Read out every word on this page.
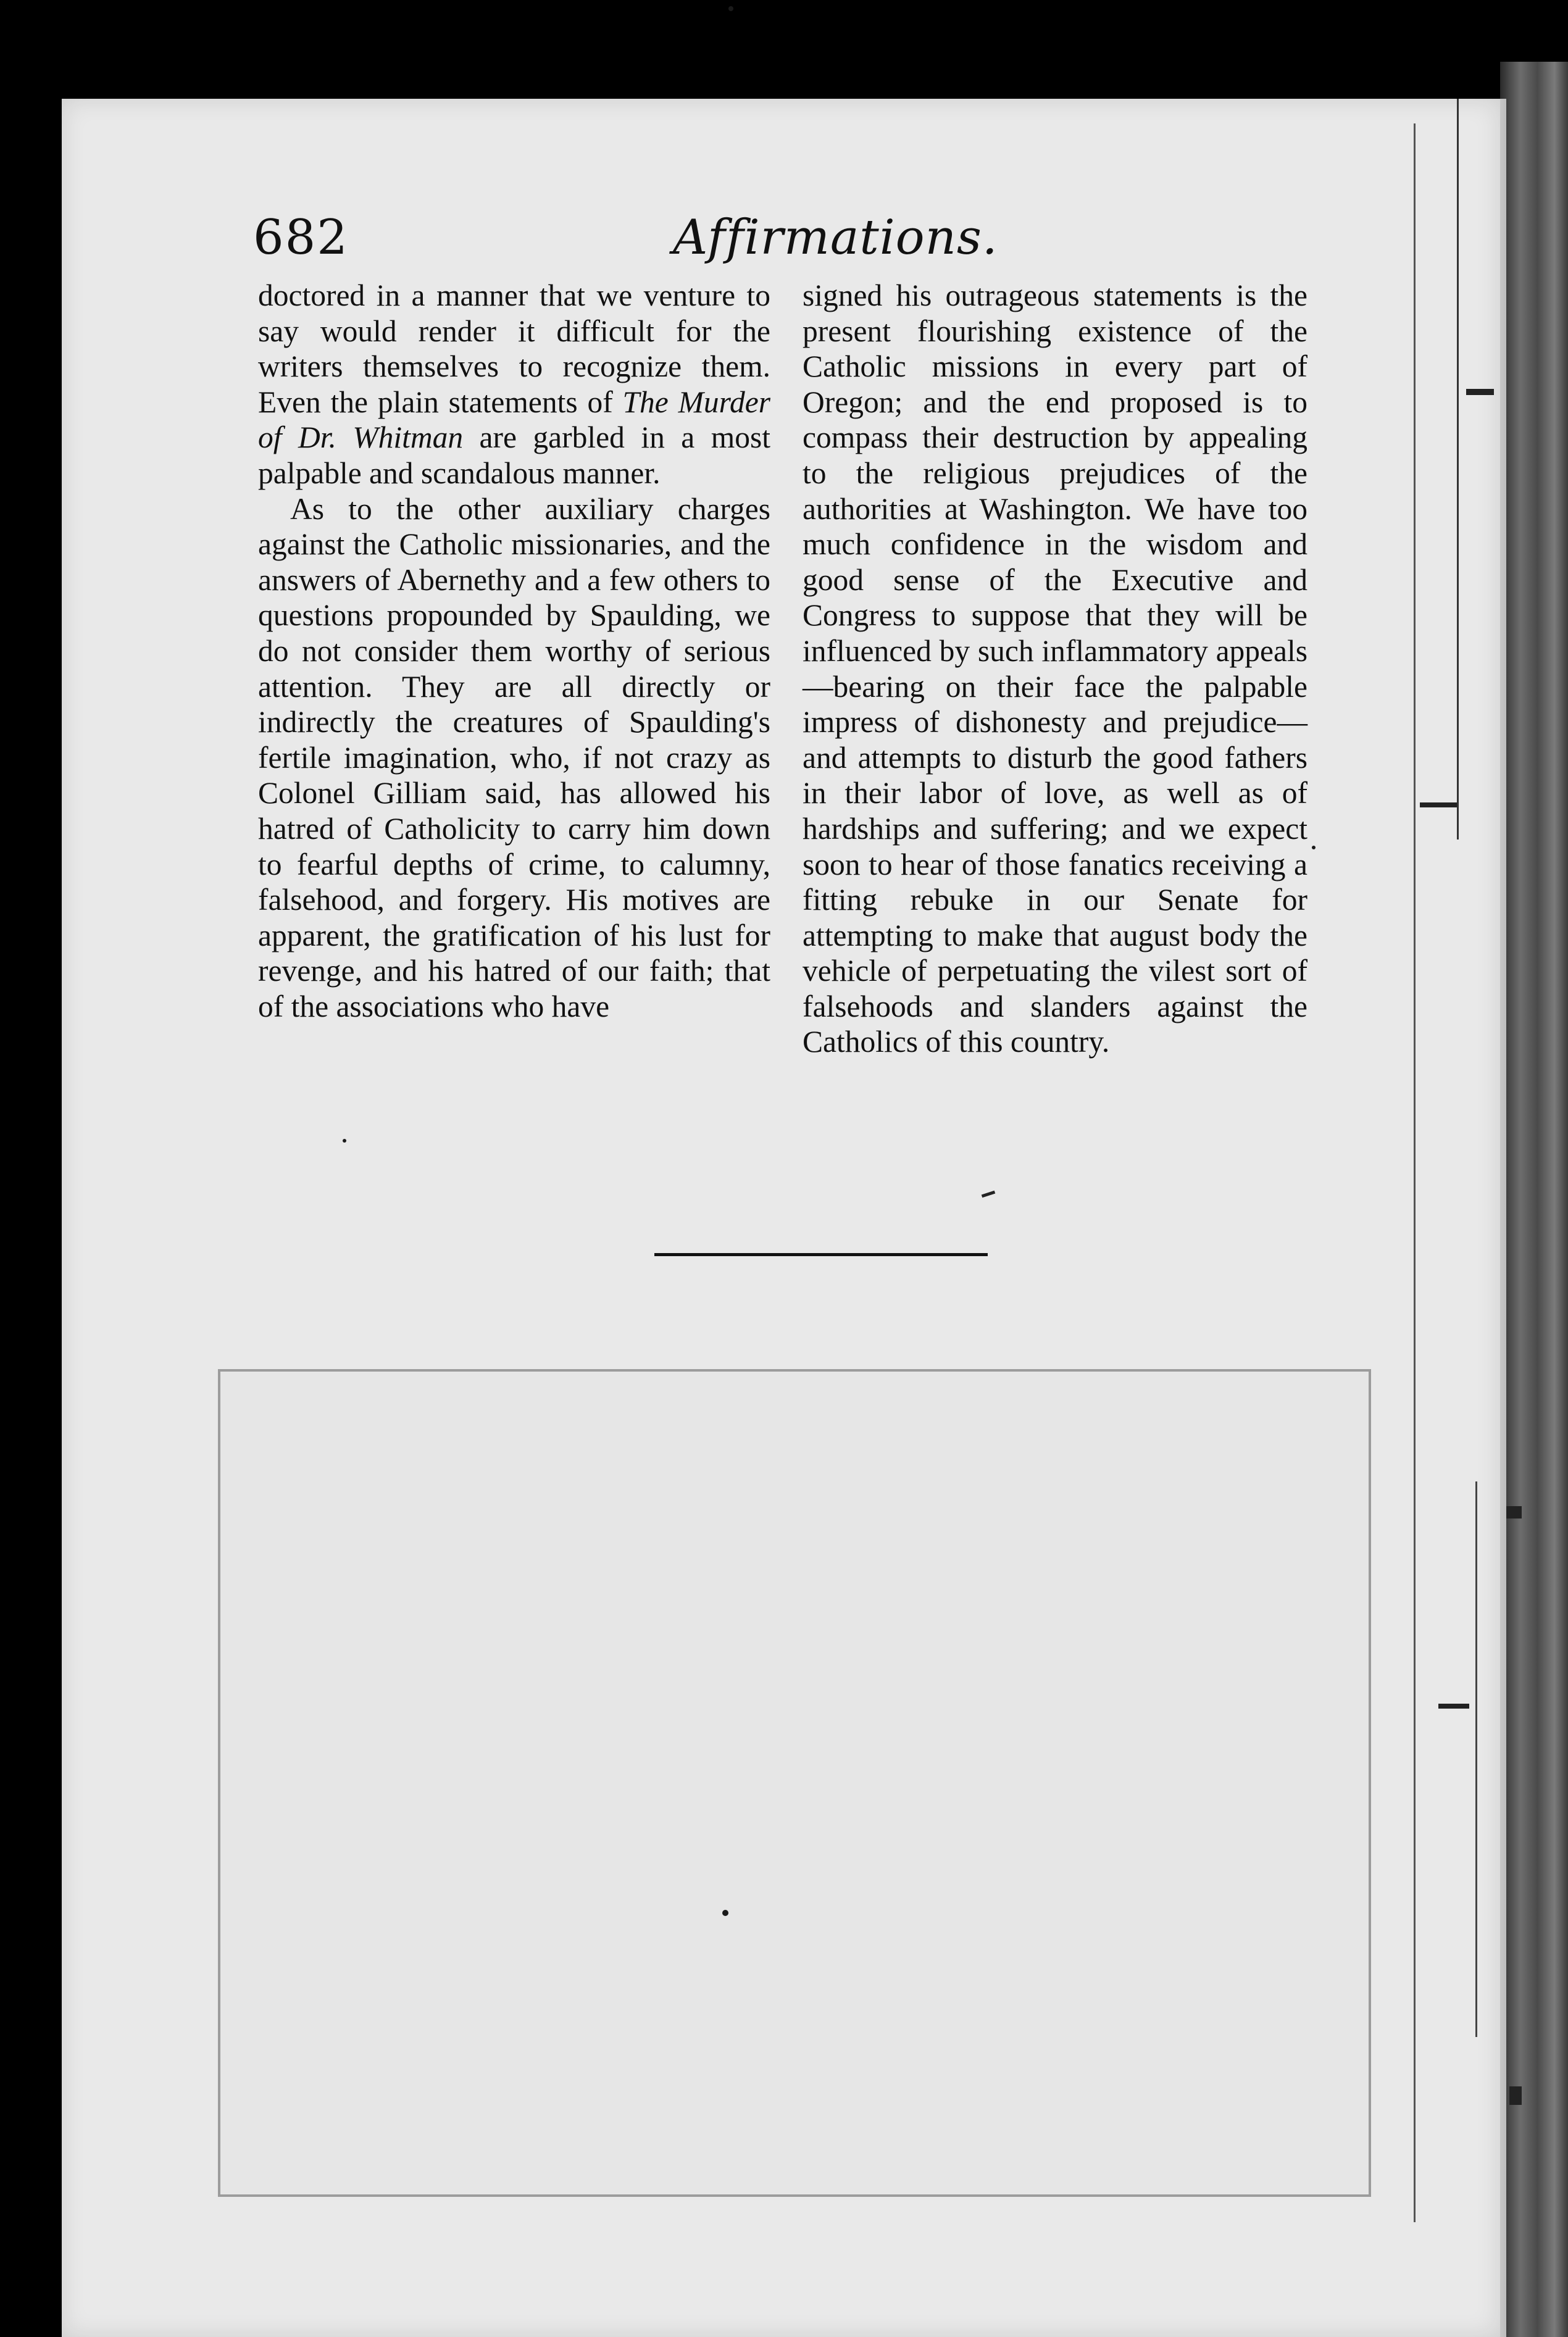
682	Affirmations.

doctored in a manner that we venture to say would render it difficult for the writers themselves to recognize them. Even the plain statements of The Murder of Dr. Whitman are garbled in a most palpable and scandalous manner.

As to the other auxiliary charges against the Catholic missionaries, and the answers of Abernethy and a few others to questions propounded by Spaulding, we do not consider them worthy of serious attention. They are all directly or indirectly the creatures of Spaulding's fertile imagination, who, if not crazy as Colonel Gilliam said, has allowed his hatred of Catholicity to carry him down to fearful depths of crime, to calumny, falsehood, and forgery. His motives are apparent, the gratification of his lust for revenge, and his hatred of our faith; that of the associations who have

signed his outrageous statements is the present flourishing existence of the Catholic missions in every part of Oregon; and the end proposed is to compass their destruction by appealing to the religious prejudices of the authorities at Washington. We have too much confidence in the wisdom and good sense of the Executive and Congress to suppose that they will be influenced by such inflammatory appeals—bearing on their face the palpable impress of dishonesty and prejudice—and attempts to disturb the good fathers in their labor of love, as well as of hardships and suffering; and we expect soon to hear of those fanatics receiving a fitting rebuke in our Senate for attempting to make that august body the vehicle of perpetuating the vilest sort of falsehoods and slanders against the Catholics of this country.
